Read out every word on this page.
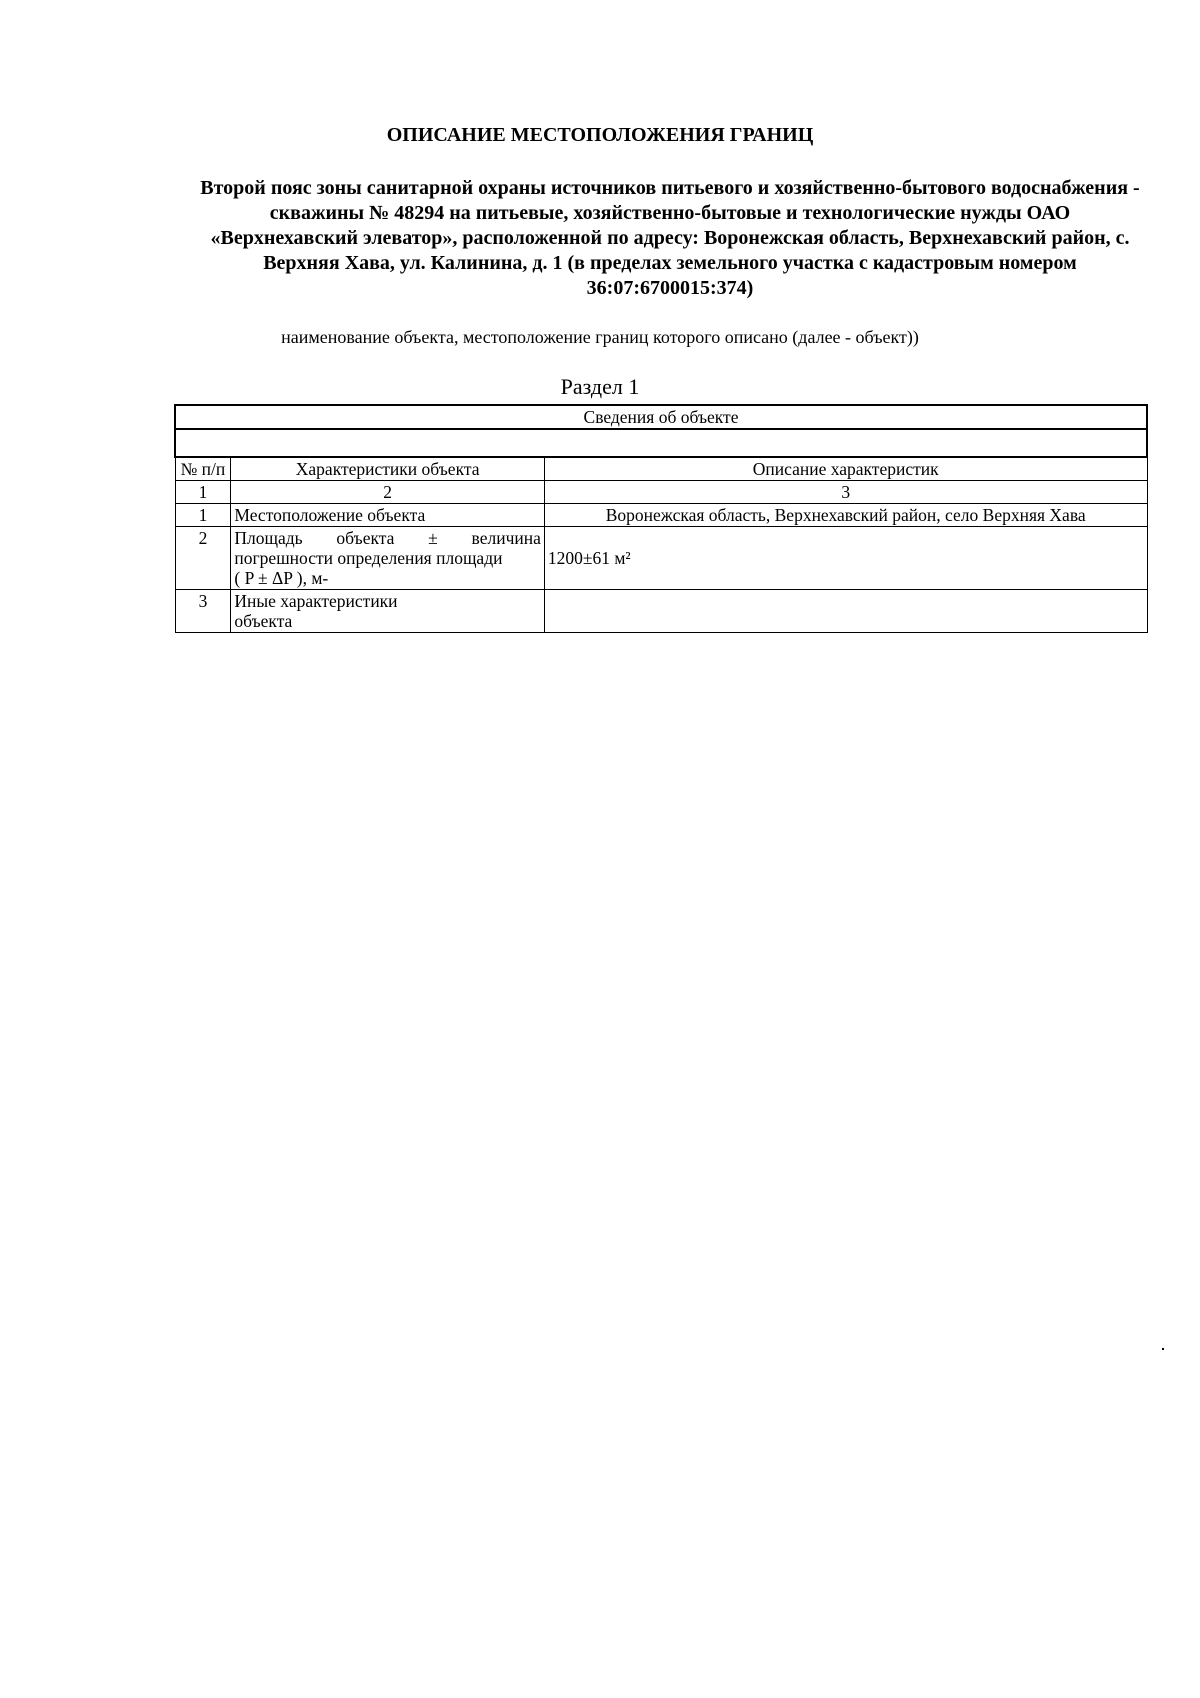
ОПИСАНИЕ МЕСТОПОЛОЖЕНИЯ ГРАНИЦ

Второй пояс зоны санитарной охраны источников питьевого и хозяйственно-бытового водоснабжения - скважины № 48294 на питьевые, хозяйственно-бытовые и технологические нужды ОАО «Верхнехавский элеватор», расположенной по адресу: Воронежская область, Верхнехавский район, с. Верхняя Хава, ул. Калинина, д. 1 (в пределах земельного участка с кадастровым номером 36:07:6700015:374)

наименование объекта, местоположение границ которого описано (далее - объект))

Раздел 1

Сведения об объекте		

№ п/п	Характеристики объекта	Описание характеристик
1	2	3
1	Местоположение объекта	Воронежская область, Верхнехавский район, село Верхняя Хава
2	Площадь объекта ± величина
погрешности определения площади
( P ± ΔP ), м-	1200±61 м²
3	Иные характеристики
объекта	
